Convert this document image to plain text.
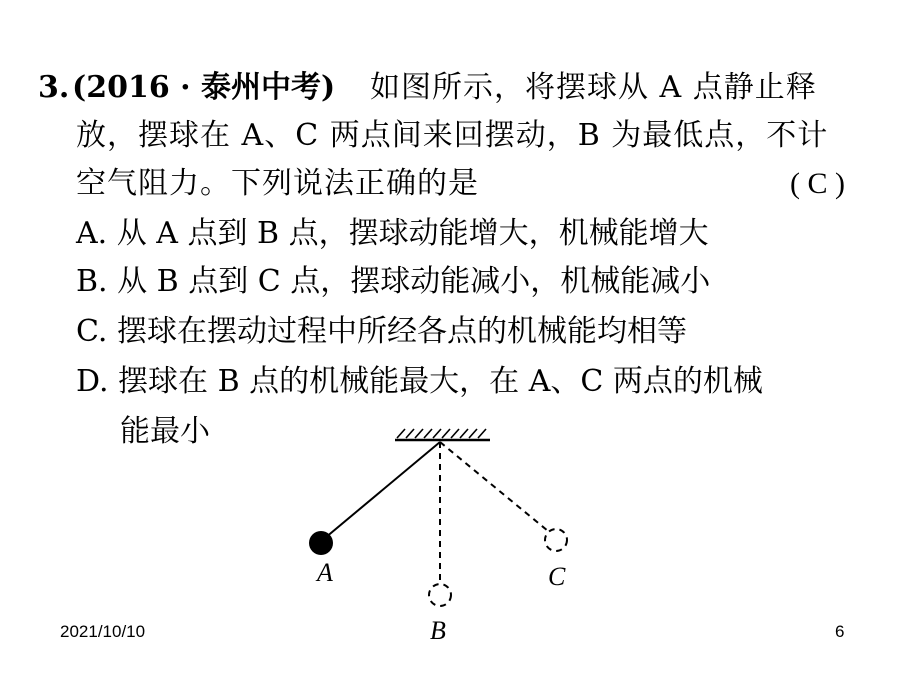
3. (2016 · 泰州中考) 如图所示，将摆球从 A 点静止释
放，摆球在 A、C 两点间来回摆动，B 为最低点，不计
空气阻力。下列说法正确的是	( C )
A. 从 A 点到 B 点，摆球动能增大，机械能增大
B. 从 B 点到 C 点，摆球动能减小，机械能减小
C. 摆球在摆动过程中所经各点的机械能均相等
D. 摆球在 B 点的机械能最大，在 A、C 两点的机械
能最小
A
B
C
2021/10/10	6
